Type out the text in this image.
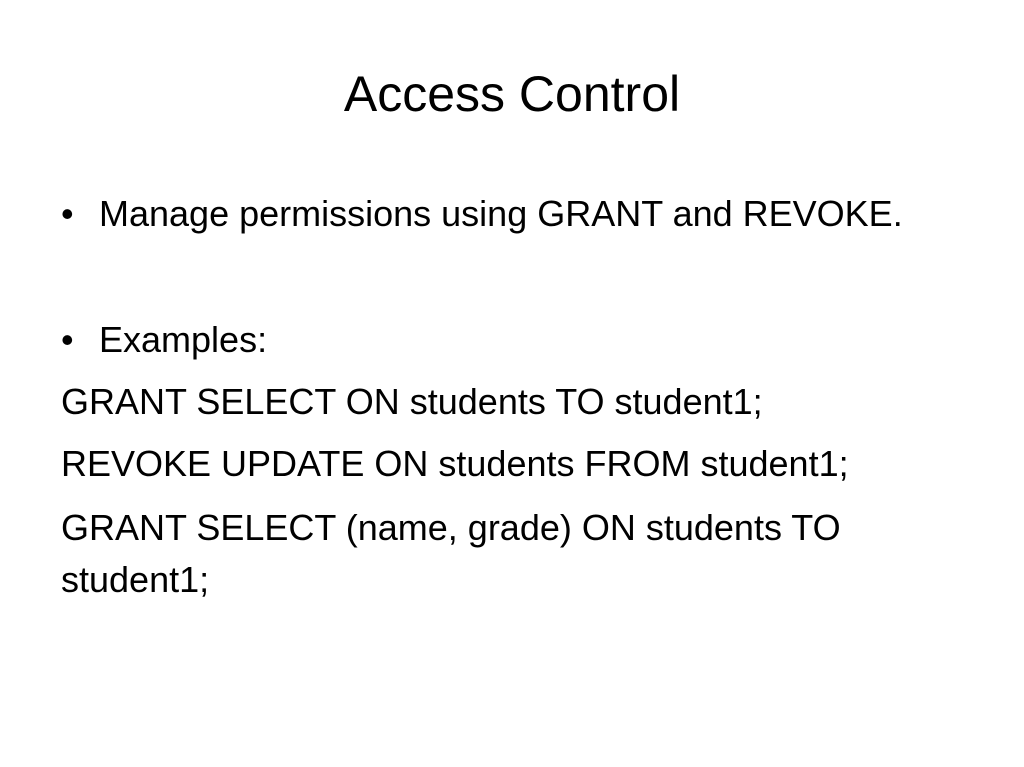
Access Control
• Manage permissions using GRANT and REVOKE.
• Examples:
GRANT SELECT ON students TO student1;
REVOKE UPDATE ON students FROM student1;
GRANT SELECT (name, grade) ON students TO student1;
